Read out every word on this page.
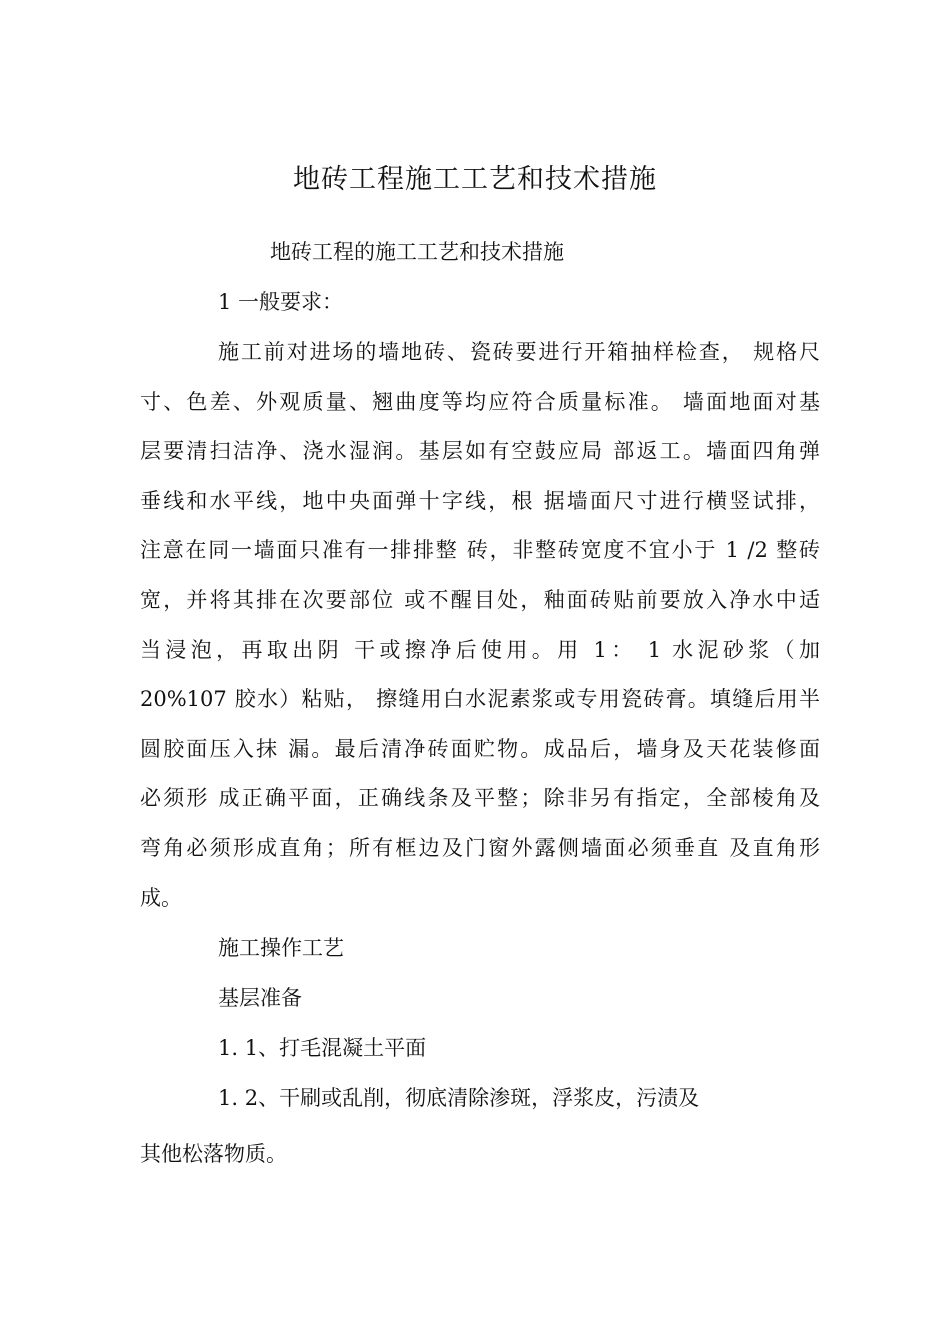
地砖工程施工工艺和技术措施
地砖工程的施工工艺和技术措施
1 一般要求：
施工前对进场的墙地砖、瓷砖要进行开箱抽样检查， 规格尺
寸、色差、外观质量、翘曲度等均应符合质量标准。 墙面地面对基
层要清扫洁净、浇水湿润。基层如有空鼓应局 部返工。墙面四角弹
垂线和水平线，地中央面弹十字线，根 据墙面尺寸进行横竖试排，
注意在同一墙面只准有一排排整 砖，非整砖宽度不宜小于 1 /2 整砖
宽，并将其排在次要部位 或不醒目处，釉面砖贴前要放入净水中适
当浸泡，再取出阴 干或擦净后使用。用 1： 1 水泥砂浆（加
20%107 胶水）粘贴， 擦缝用白水泥素浆或专用瓷砖膏。填缝后用半
圆胶面压入抹 漏。最后清净砖面贮物。成品后，墙身及天花装修面
必须形 成正确平面，正确线条及平整；除非另有指定，全部棱角及
弯角必须形成直角；所有框边及门窗外露侧墙面必须垂直 及直角形
成。
施工操作工艺
基层准备
1. 1、打毛混凝土平面
1. 2、干刷或乱削，彻底清除渗斑，浮浆皮，污渍及
其他松落物质。
